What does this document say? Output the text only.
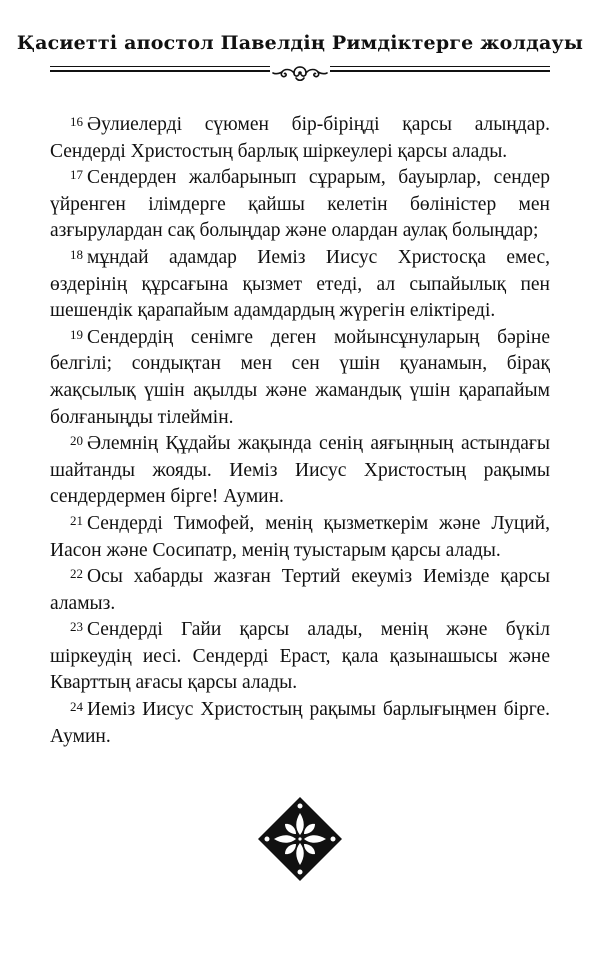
Қасиетті апостол Павелдің Римдіктерге жолдауы

$^{16}$ Әулиелерді сүюмен бір-біріңді қарсы алыңдар. Сендерді Христостың барлық шіркеулері қарсы алады.

$^{17}$ Сендерден жалбарынып сұрарым, бауырлар, сендер үйренген ілімдерге қайшы келетін бөліністер мен азғырулардан сақ болыңдар және олардан аулақ болыңдар;

$^{18}$ мұндай адамдар Иеміз Иисус Христосқа емес, өздерінің құрсағына қызмет етеді, ал сыпайылық пен шешендік қарапайым адамдардың жүрегін еліктіреді.

$^{19}$ Сендердің сенімге деген мойынсұнуларың бәріне белгілі; сондықтан мен сен үшін қуанамын, бірақ жақсылық үшін ақылды және жамандық үшін қарапайым болғаныңды тілеймін.

$^{20}$ Әлемнің Құдайы жақында сенің аяғыңның астындағы шайтанды жояды. Иеміз Иисус Христостың рақымы сендердермен бірге! Аумин.

$^{21}$ Сендерді Тимофей, менің қызметкерім және Луций, Иасон және Сосипатр, менің туыстарым қарсы алады.

$^{22}$ Осы хабарды жазған Тертий екеуміз Иемізде қарсы аламыз.

$^{23}$ Сендерді Гайи қарсы алады, менің және бүкіл шіркеудің иесі. Сендерді Ераст, қала қазынашысы және Кварттың ағасы қарсы алады.

$^{24}$ Иеміз Иисус Христостың рақымы барлығыңмен бірге. Аумин.
